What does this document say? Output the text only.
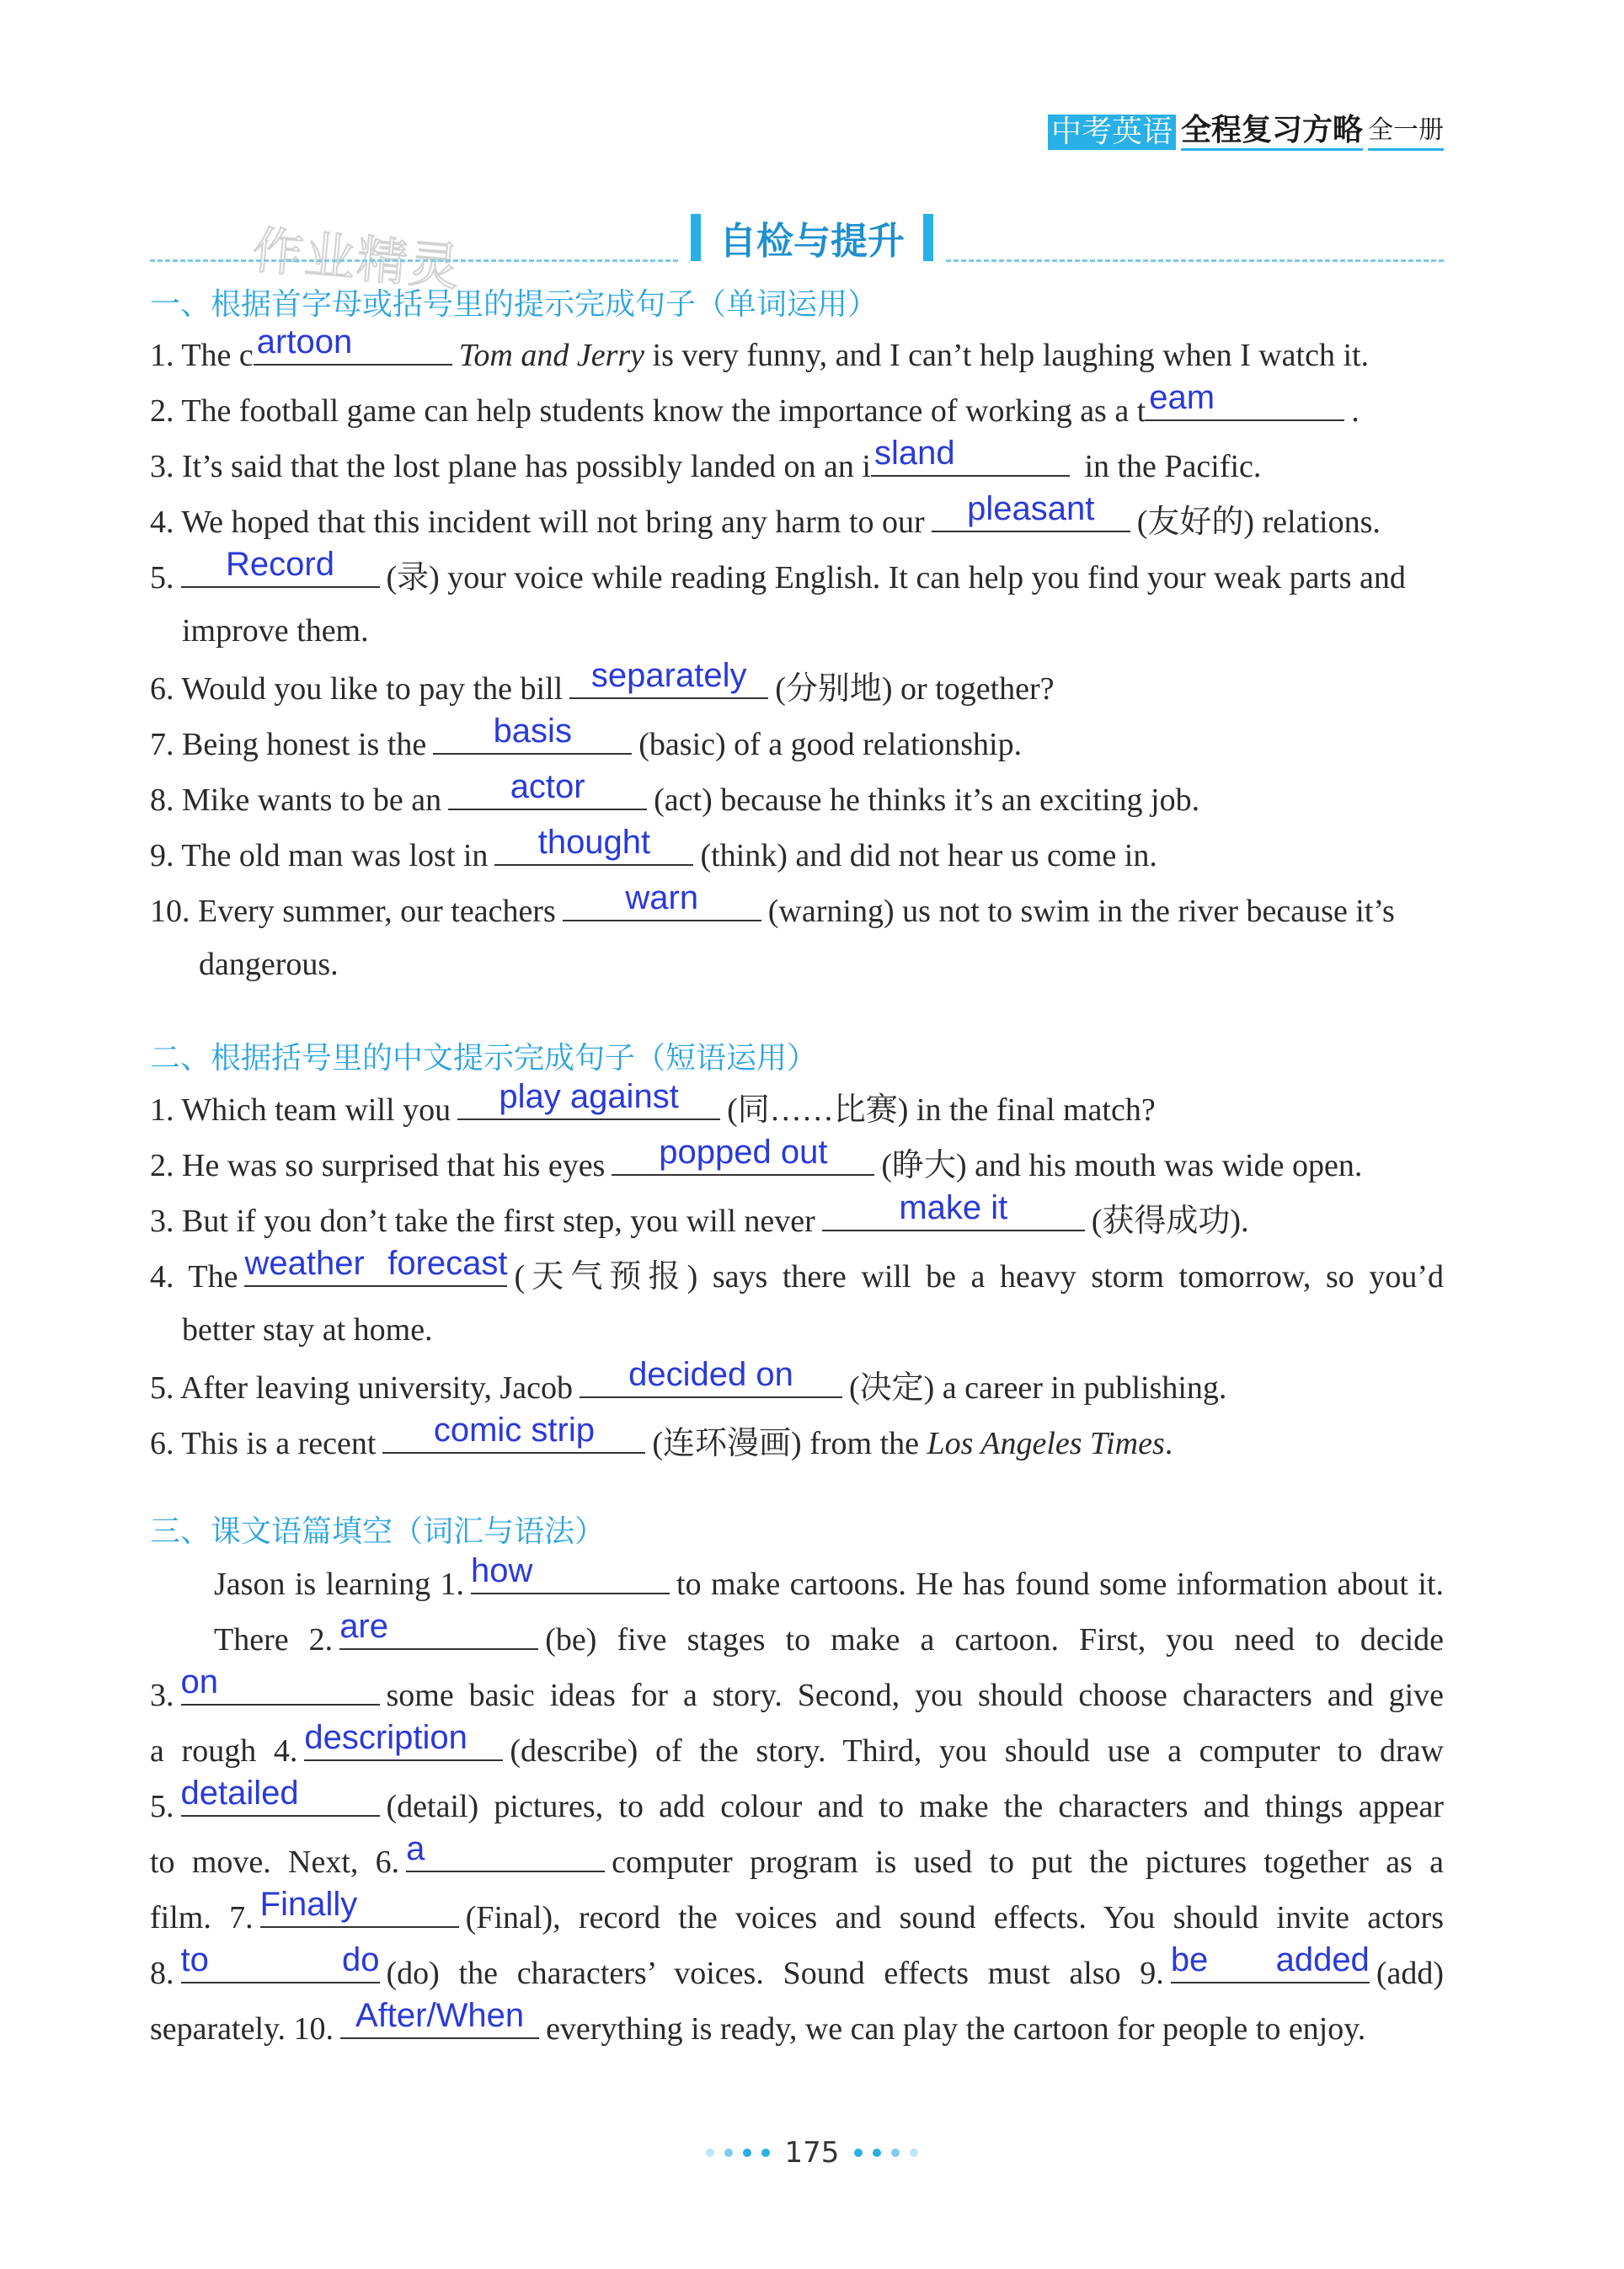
中考英语 全程复习方略 全一册
作业精灵	自检与提升
一、根据首字母或括号里的提示完成句子（单词运用）
1. The c artoon	Tom and Jerry is very funny, and I can’t help laughing when I watch it.
2. The football game can help students know the importance of working as a t eam	.
3. It’s said that the lost plane has possibly landed on an i sland	in the Pacific.
4. We hoped that this incident will not bring any harm to our	pleasant	(友好的) relations.
5.	Record	(录) your voice while reading English. It can help you find your weak parts and
improve them.
6. Would you like to pay the bill separately (分别地) or together?
7. Being honest is the	basis	(basic) of a good relationship.
8. Mike wants to be an	actor	(act) because he thinks it’s an exciting job.
9. The old man was lost in	thought	(think) and did not hear us come in.
10. Every summer, our teachers	warn	(warning) us not to swim in the river because it’s
dangerous.
二、根据括号里的中文提示完成句子（短语运用）
1. Which team will you	play against	(同……比赛) in the final match?
2. He was so surprised that his eyes	popped out	(睁大) and his mouth was wide open.
3. But if you don’t take the first step, you will never	make it	(获得成功).
4. The weather forecast (天气预报) says there will be a heavy storm tomorrow, so you’d
better stay at home.
5. After leaving university, Jacob	decided on	(决定) a career in publishing.
6. This is a recent	comic strip	(连环漫画) from the Los Angeles Times.
三、课文语篇填空（词汇与语法）
Jason is learning 1. how	to make cartoons. He has found some information about it.
There 2. are	(be) five stages to make a cartoon. First, you need to decide
3. on	some basic ideas for a story. Second, you should choose characters and give
a rough 4. description	(describe) of the story. Third, you should use a computer to draw
5. detailed	(detail) pictures, to add colour and to make the characters and things appear
to move. Next, 6. a	computer program is used to put the pictures together as a
film. 7. Finally	(Final), record the voices and sound effects. You should invite actors
8. to do (do) the characters’ voices. Sound effects must also 9. be added (add)
separately. 10. After/When everything is ready, we can play the cartoon for people to enjoy.
175
